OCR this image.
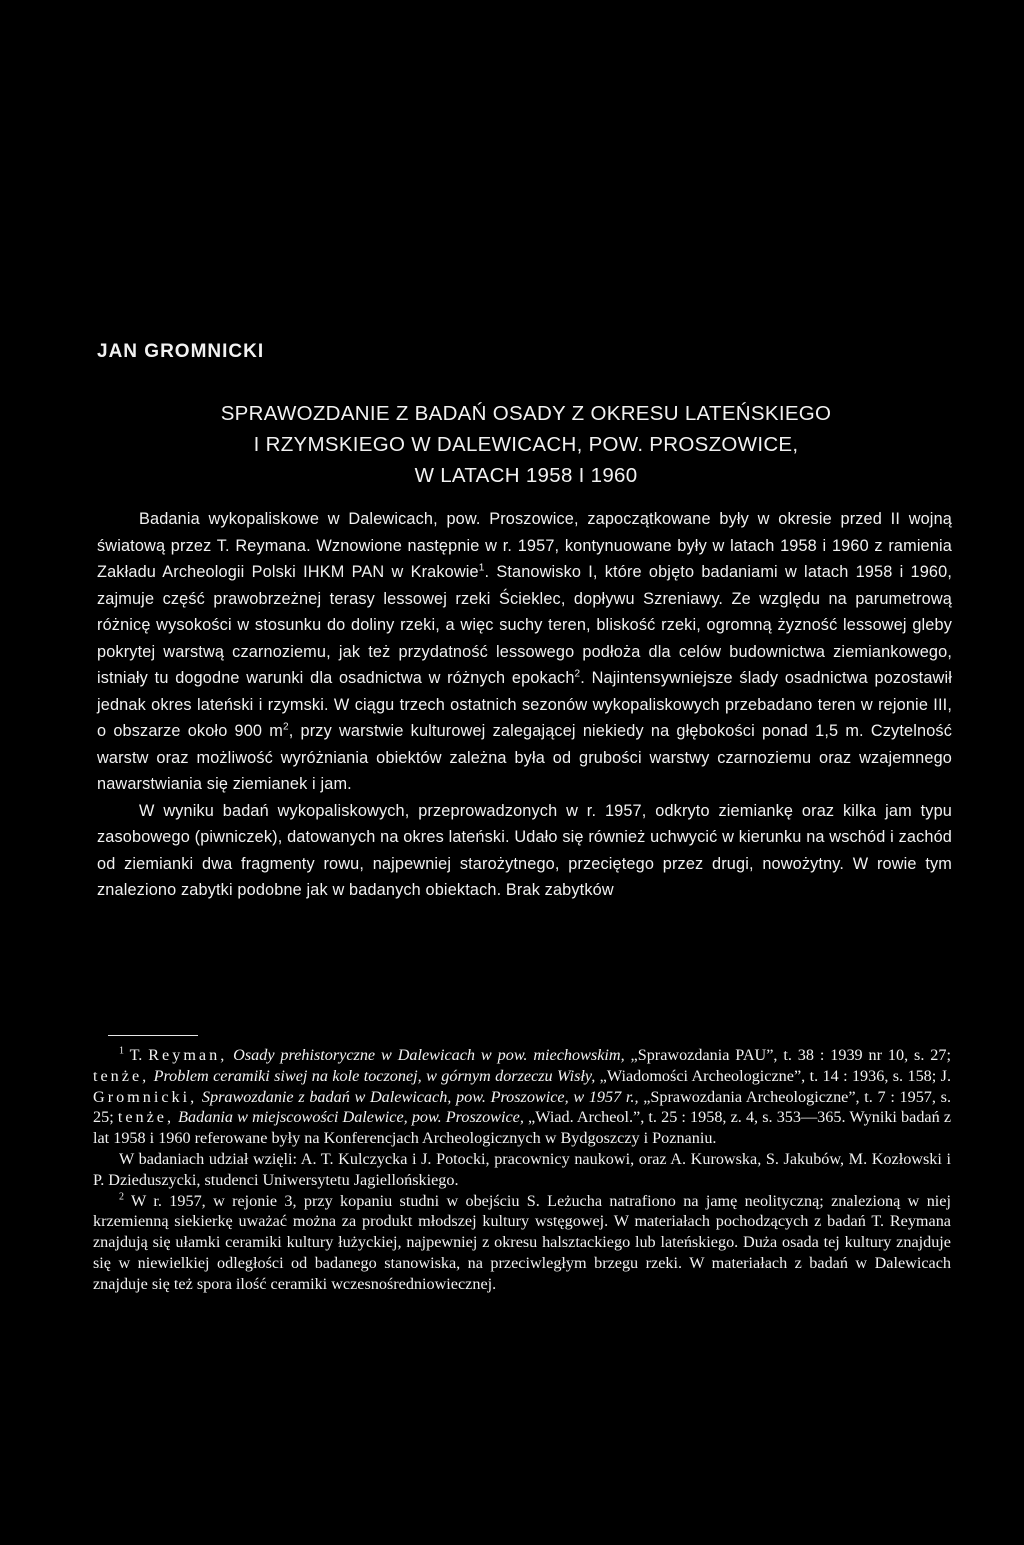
JAN GROMNICKI
SPRAWOZDANIE Z BADAŃ OSADY Z OKRESU LATEŃSKIEGO
I RZYMSKIEGO W DALEWICACH, POW. PROSZOWICE,
W LATACH 1958 I 1960

Badania wykopaliskowe w Dalewicach, pow. Proszowice, zapoczątkowane były w okresie przed II wojną światową przez T. Reymana. Wznowione następnie w r. 1957, kontynuowane były w latach 1958 i 1960 z ramienia Zakładu Archeologii Polski IHKM PAN w Krakowie$^1$. Stanowisko I, które objęto badaniami w latach 1958 i 1960, zajmuje część prawobrzeżnej terasy lessowej rzeki Ścieklec, dopływu Szreniawy. Ze względu na parumetrową różnicę wysokości w stosunku do doliny rzeki, a więc suchy teren, bliskość rzeki, ogromną żyzność lessowej gleby pokrytej warstwą czarnoziemu, jak też przydatność lessowego podłoża dla celów budownictwa ziemiankowego, istniały tu dogodne warunki dla osadnictwa w różnych epokach$^2$. Najintensywniejsze ślady osadnictwa pozostawił jednak okres lateński i rzymski. W ciągu trzech ostatnich sezonów wykopaliskowych przebadano teren w rejonie III, o obszarze około 900 $m^2$, przy warstwie kulturowej zalegającej niekiedy na głębokości ponad 1,5 m. Czytelność warstw oraz możliwość wyróżniania obiektów zależna była od grubości warstwy czarnoziemu oraz wzajemnego nawarstwiania się ziemianek i jam.

W wyniku badań wykopaliskowych, przeprowadzonych w r. 1957, odkryto ziemiankę oraz kilka jam typu zasobowego (piwniczek), datowanych na okres lateński. Udało się również uchwycić w kierunku na wschód i zachód od ziemianki dwa fragmenty rowu, najpewniej starożytnego, przeciętego przez drugi, nowożytny. W rowie tym znaleziono zabytki podobne jak w badanych obiektach. Brak zabytków

$^1$ T. Reyman, Osady prehistoryczne w Dalewicach w pow. miechowskim, „Sprawozdania PAU”, t. 38 : 1939 nr 10, s. 27; tenże, Problem ceramiki siwej na kole toczonej, w górnym dorzeczu Wisły, „Wiadomości Archeologiczne”, t. 14 : 1936, s. 158; J. Gromnicki, Sprawozdanie z badań w Dalewicach, pow. Proszowice, w 1957 r., „Sprawozdania Archeologiczne”, t. 7 : 1957, s. 25; tenże, Badania w miejscowości Dalewice, pow. Proszowice, „Wiad. Archeol.”, t. 25 : 1958, z. 4, s. 353—365. Wyniki badań z lat 1958 i 1960 referowane były na Konferencjach Archeologicznych w Bydgoszczy i Poznaniu.

W badaniach udział wzięli: A. T. Kulczycka i J. Potocki, pracownicy naukowi, oraz A. Kurowska, S. Jakubów, M. Kozłowski i P. Dzieduszycki, studenci Uniwersytetu Jagiellońskiego.

$^2$ W r. 1957, w rejonie 3, przy kopaniu studni w obejściu S. Leżucha natrafiono na jamę neolityczną; znalezioną w niej krzemienną siekierkę uważać można za produkt młodszej kultury wstęgowej. W materiałach pochodzących z badań T. Reymana znajdują się ułamki ceramiki kultury łużyckiej, najpewniej z okresu halsztackiego lub lateńskiego. Duża osada tej kultury znajduje się w niewielkiej odległości od badanego stanowiska, na przeciwległym brzegu rzeki. W materiałach z badań w Dalewicach znajduje się też spora ilość ceramiki wczesnośredniowiecznej.
